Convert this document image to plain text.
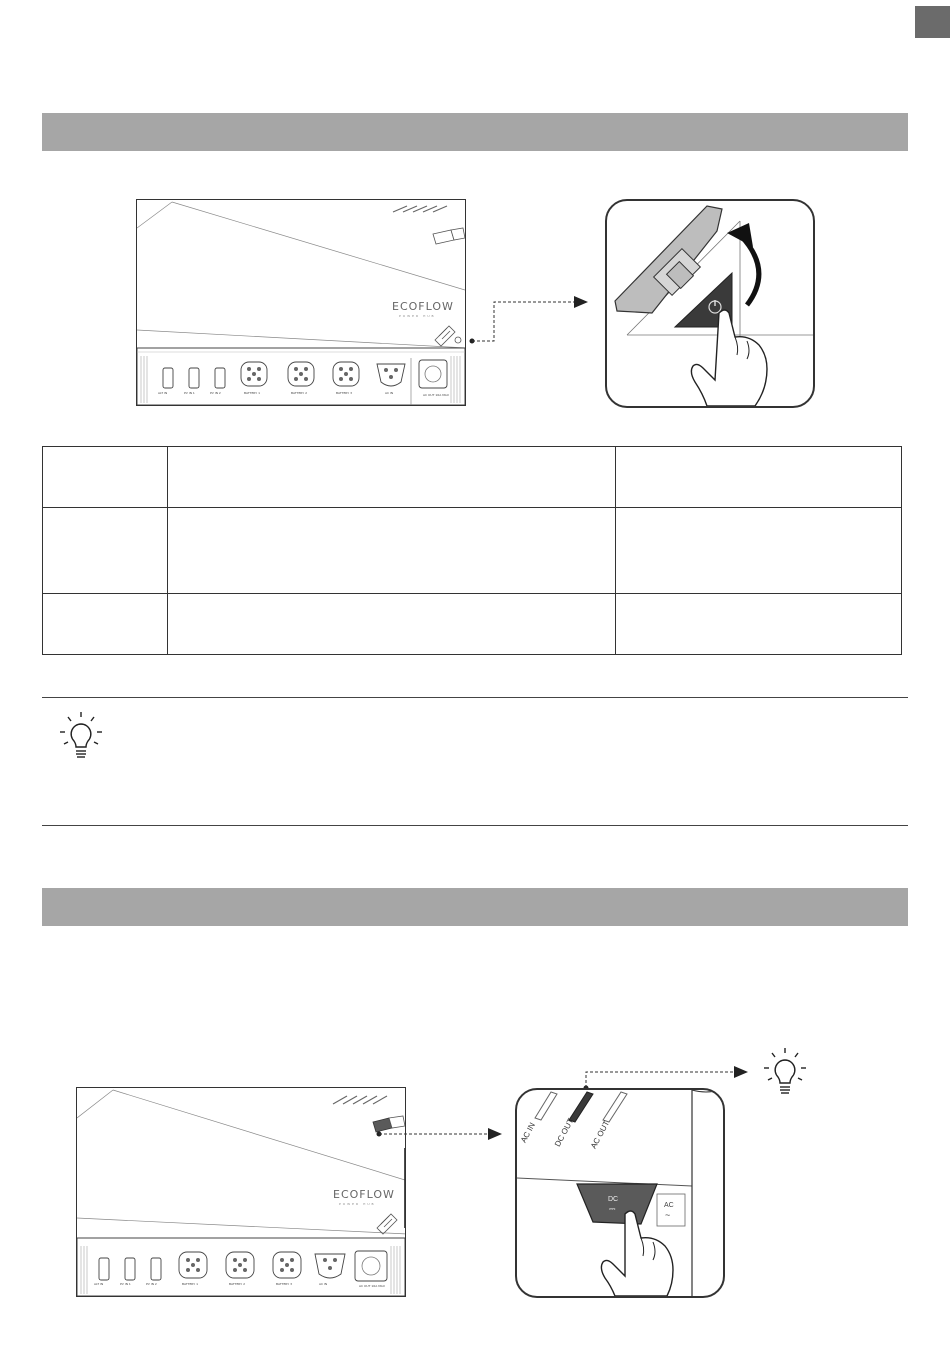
ECOFLOW
POWER HUB
ALT IN	PV IN 1	PV IN 2	BATTERY 1	BATTERY 2	BATTERY 3	AC IN	AC OUT 16A MAX

ECOFLOW
POWER HUB
ALT IN	PV IN 1	PV IN 2	BATTERY 1	BATTERY 2	BATTERY 3	AC IN	AC OUT 16A MAX
AC IN DC OUT AC OUT
DC
⎓	AC
~
